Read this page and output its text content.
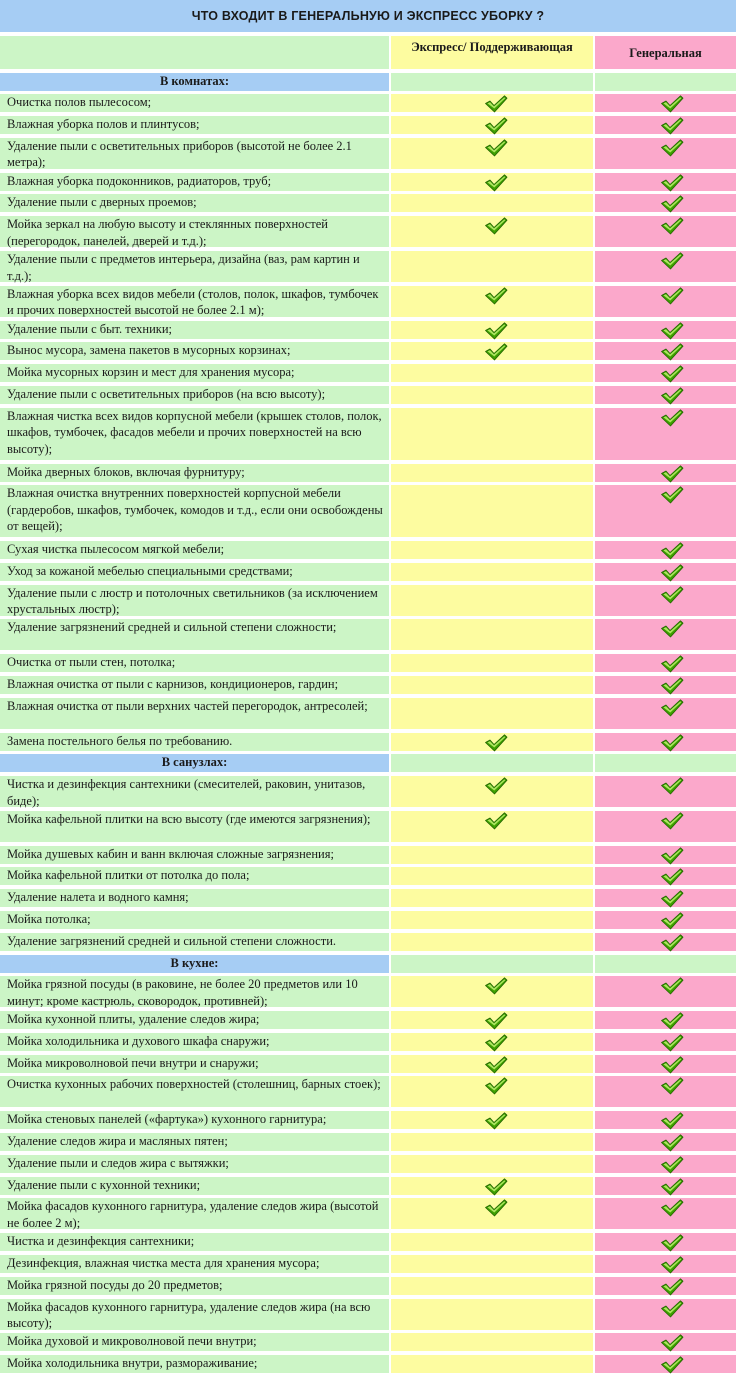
ЧТО ВХОДИТ В ГЕНЕРАЛЬНУЮ И ЭКСПРЕСС УБОРКУ ?
Экспресс/ Поддерживающая	Генеральная
В комнатах:
Очистка полов пылесосом;
Влажная уборка полов и плинтусов;
Удаление пыли с осветительных приборов (высотой не более 2.1 метра);
Влажная уборка подоконников, радиаторов, труб;
Удаление пыли с дверных проемов;
Мойка зеркал на любую высоту и стеклянных поверхностей (перегородок, панелей, дверей и т.д.);
Удаление пыли с предметов интерьера, дизайна (ваз, рам картин и т.д.);
Влажная уборка всех видов мебели (столов, полок, шкафов, тумбочек и прочих поверхностей высотой не более 2.1 м);
Удаление пыли с быт. техники;
Вынос мусора, замена пакетов в мусорных корзинах;
Мойка мусорных корзин и мест для хранения мусора;
Удаление пыли с осветительных приборов (на всю высоту);
Влажная чистка всех видов корпусной мебели (крышек столов, полок, шкафов, тумбочек, фасадов мебели и прочих поверхностей на всю высоту);
Мойка дверных блоков, включая фурнитуру;
Влажная очистка внутренних поверхностей корпусной мебели (гардеробов, шкафов, тумбочек, комодов и т.д., если они освобождены от вещей);
Сухая чистка пылесосом мягкой мебели;
Уход за кожаной мебелью специальными средствами;
Удаление пыли с люстр и потолочных светильников (за исключением хрустальных люстр);
Удаление загрязнений средней и сильной степени сложности;
Очистка от пыли стен, потолка;
Влажная очистка от пыли с карнизов, кондиционеров, гардин;
Влажная очистка от пыли верхних частей перегородок, антресолей;
Замена постельного белья по требованию.
В санузлах:
Чистка и дезинфекция сантехники (смесителей, раковин, унитазов, биде);
Мойка кафельной плитки на всю высоту (где имеются загрязнения);
Мойка душевых кабин и ванн включая сложные загрязнения;
Мойка кафельной плитки от потолка до пола;
Удаление налета и водного камня;
Мойка потолка;
Удаление загрязнений средней и сильной степени сложности.
В кухне:
Мойка грязной посуды (в раковине, не более 20 предметов или 10 минут; кроме кастрюль, сковородок, противней);
Мойка кухонной плиты, удаление следов жира;
Мойка холодильника и духового шкафа снаружи;
Мойка микроволновой печи внутри и снаружи;
Очистка кухонных рабочих поверхностей (столешниц, барных стоек);
Мойка стеновых панелей («фартука») кухонного гарнитура;
Удаление следов жира и масляных пятен;
Удаление пыли и следов жира с вытяжки;
Удаление пыли с кухонной техники;
Мойка фасадов кухонного гарнитура, удаление следов жира (высотой не более 2 м);
Чистка и дезинфекция сантехники;
Дезинфекция, влажная чистка места для хранения мусора;
Мойка грязной посуды до 20 предметов;
Мойка фасадов кухонного гарнитура, удаление следов жира (на всю высоту);
Мойка духовой и микроволновой печи внутри;
Мойка холодильника внутри, размораживание;
